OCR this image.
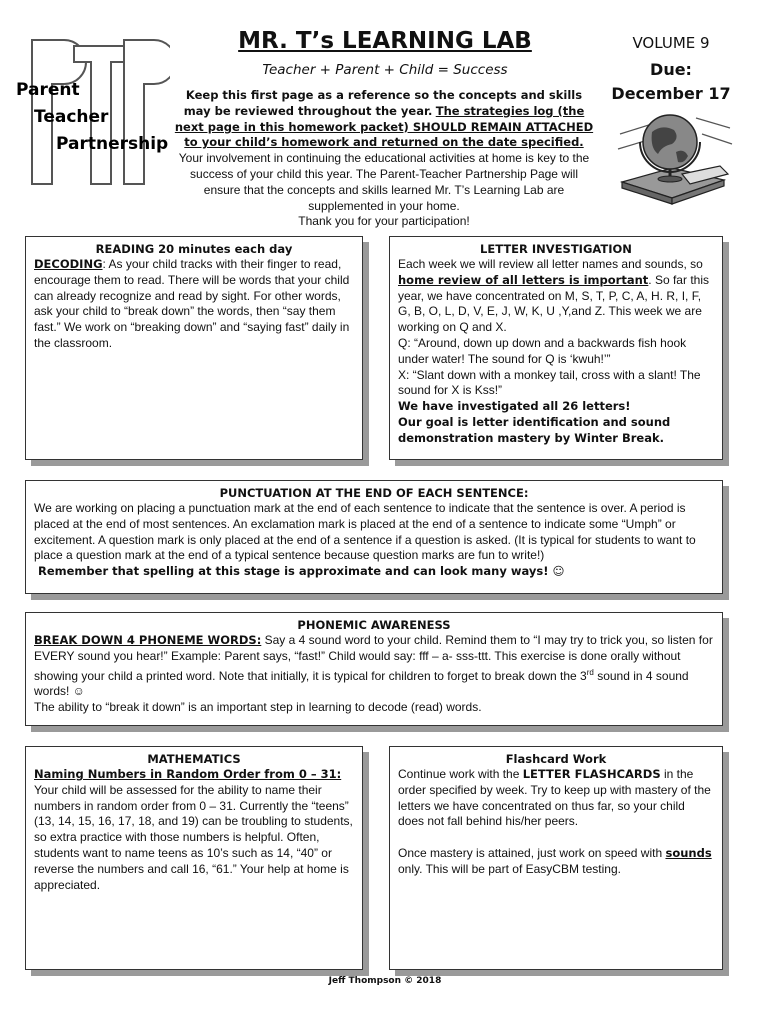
Parent
Teacher
Partnership
MR. T’s LEARNING LAB
Teacher + Parent + Child = Success
Keep this first page as a reference so the concepts and skills may be reviewed throughout the year. The strategies log (the next page in this homework packet) SHOULD REMAIN ATTACHED to your child’s homework and returned on the date specified. Your involvement in continuing the educational activities at home is key to the success of your child this year. The Parent-Teacher Partnership Page will ensure that the concepts and skills learned Mr. T’s Learning Lab are supplemented in your home.
Thank you for your participation!
VOLUME 9
Due:
December 17
READING 20 minutes each day

DECODING: As your child tracks with their finger to read, encourage them to read. There will be words that your child can already recognize and read by sight. For other words, ask your child to “break down” the words, then “say them fast.” We work on “breaking down” and “saying fast” daily in the classroom.

LETTER INVESTIGATION

Each week we will review all letter names and sounds, so home review of all letters is important. So far this year, we have concentrated on M, S, T, P, C, A, H. R, I, F, G, B, O, L, D, V, E, J, W, K, U ,Y,and Z. This week we are working on Q and X.

Q: “Around, down up down and a backwards fish hook under water! The sound for Q is ‘kwuh!’”

X: “Slant down with a monkey tail, cross with a slant! The sound for X is Kss!”

We have investigated all 26 letters!

Our goal is letter identification and sound demonstration mastery by Winter Break.

PUNCTUATION AT THE END OF EACH SENTENCE:

We are working on placing a punctuation mark at the end of each sentence to indicate that the sentence is over. A period is placed at the end of most sentences. An exclamation mark is placed at the end of a sentence to indicate some “Umph” or excitement. A question mark is only placed at the end of a sentence if a question is asked. (It is typical for students to want to place a question mark at the end of a typical sentence because question marks are fun to write!)

Remember that spelling at this stage is approximate and can look many ways! ☺

PHONEMIC AWARENESS

BREAK DOWN 4 PHONEME WORDS: Say a 4 sound word to your child. Remind them to “I may try to trick you, so listen for EVERY sound you hear!” Example: Parent says, “fast!” Child would say: fff – a- sss-ttt. This exercise is done orally without showing your child a printed word. Note that initially, it is typical for children to forget to break down the 3rd sound in 4 sound words! ☺

The ability to “break it down” is an important step in learning to decode (read) words.

MATHEMATICS

Naming Numbers in Random Order from 0 – 31:

Your child will be assessed for the ability to name their numbers in random order from 0 – 31. Currently the “teens” (13, 14, 15, 16, 17, 18, and 19) can be troubling to students, so extra practice with those numbers is helpful. Often, students want to name teens as 10’s such as 14, “40” or reverse the numbers and call 16, “61.” Your help at home is appreciated.

Flashcard Work

Continue work with the LETTER FLASHCARDS in the order specified by week. Try to keep up with mastery of the letters we have concentrated on thus far, so your child does not fall behind his/her peers.

Once mastery is attained, just work on speed with sounds only. This will be part of EasyCBM testing.

Jeff Thompson © 2018
